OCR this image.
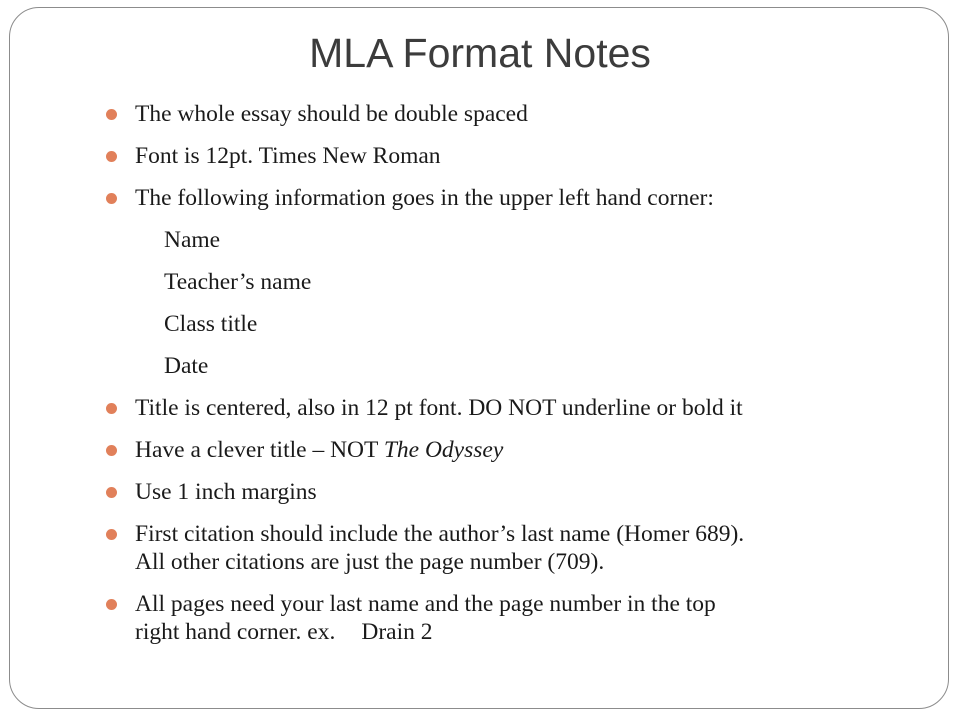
MLA Format Notes
The whole essay should be double spaced
Font is 12pt. Times New Roman
The following information goes in the upper left hand corner:
Name
Teacher’s name
Class title
Date
Title is centered, also in 12 pt font. DO NOT underline or bold it
Have a clever title – NOT The Odyssey
Use 1 inch margins
First citation should include the author’s last name (Homer 689).
All other citations are just the page number (709).
All pages need your last name and the page number in the top
right hand corner. ex. Drain 2
